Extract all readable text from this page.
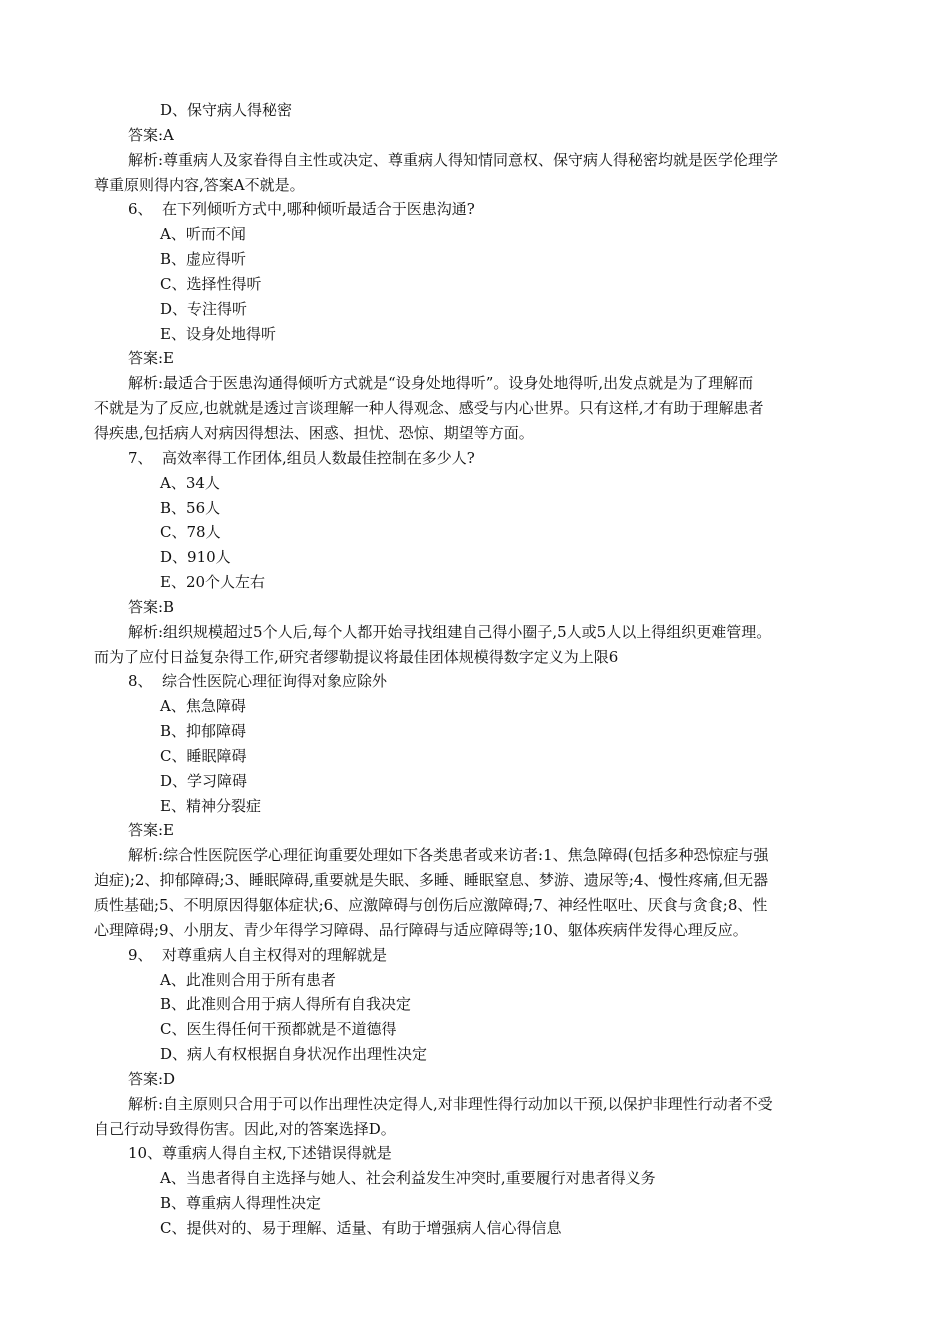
D、保守病人得秘密
答案:A
解析:尊重病人及家眷得自主性或决定、尊重病人得知情同意权、保守病人得秘密均就是医学伦理学
尊重原则得内容,答案A不就是。
6、 在下列倾听方式中,哪种倾听最适合于医患沟通?
A、听而不闻
B、虚应得听
C、选择性得听
D、专注得听
E、设身处地得听
答案:E
解析:最适合于医患沟通得倾听方式就是“设身处地得听”。设身处地得听,出发点就是为了理解而
不就是为了反应,也就就是透过言谈理解一种人得观念、感受与内心世界。只有这样,才有助于理解患者
得疾患,包括病人对病因得想法、困惑、担忧、恐惊、期望等方面。
7、 高效率得工作团体,组员人数最佳控制在多少人?
A、34人
B、56人
C、78人
D、910人
E、20个人左右
答案:B
解析:组织规模超过5个人后,每个人都开始寻找组建自己得小圈子,5人或5人以上得组织更难管理。
而为了应付日益复杂得工作,研究者缪勒提议将最佳团体规模得数字定义为上限6
8、 综合性医院心理征询得对象应除外
A、焦急障碍
B、抑郁障碍
C、睡眠障碍
D、学习障碍
E、精神分裂症
答案:E
解析:综合性医院医学心理征询重要处理如下各类患者或来访者:1、焦急障碍(包括多种恐惊症与强
迫症);2、抑郁障碍;3、睡眠障碍,重要就是失眠、多睡、睡眠窒息、梦游、遗尿等;4、慢性疼痛,但无器
质性基础;5、不明原因得躯体症状;6、应激障碍与创伤后应激障碍;7、神经性呕吐、厌食与贪食;8、性
心理障碍;9、小朋友、青少年得学习障碍、品行障碍与适应障碍等;10、躯体疾病伴发得心理反应。
9、 对尊重病人自主权得对的理解就是
A、此准则合用于所有患者
B、此准则合用于病人得所有自我决定
C、医生得任何干预都就是不道德得
D、病人有权根据自身状况作出理性决定
答案:D
解析:自主原则只合用于可以作出理性决定得人,对非理性得行动加以干预,以保护非理性行动者不受
自己行动导致得伤害。因此,对的答案选择D。
10、尊重病人得自主权,下述错误得就是
A、当患者得自主选择与她人、社会利益发生冲突时,重要履行对患者得义务
B、尊重病人得理性决定
C、提供对的、易于理解、适量、有助于增强病人信心得信息
